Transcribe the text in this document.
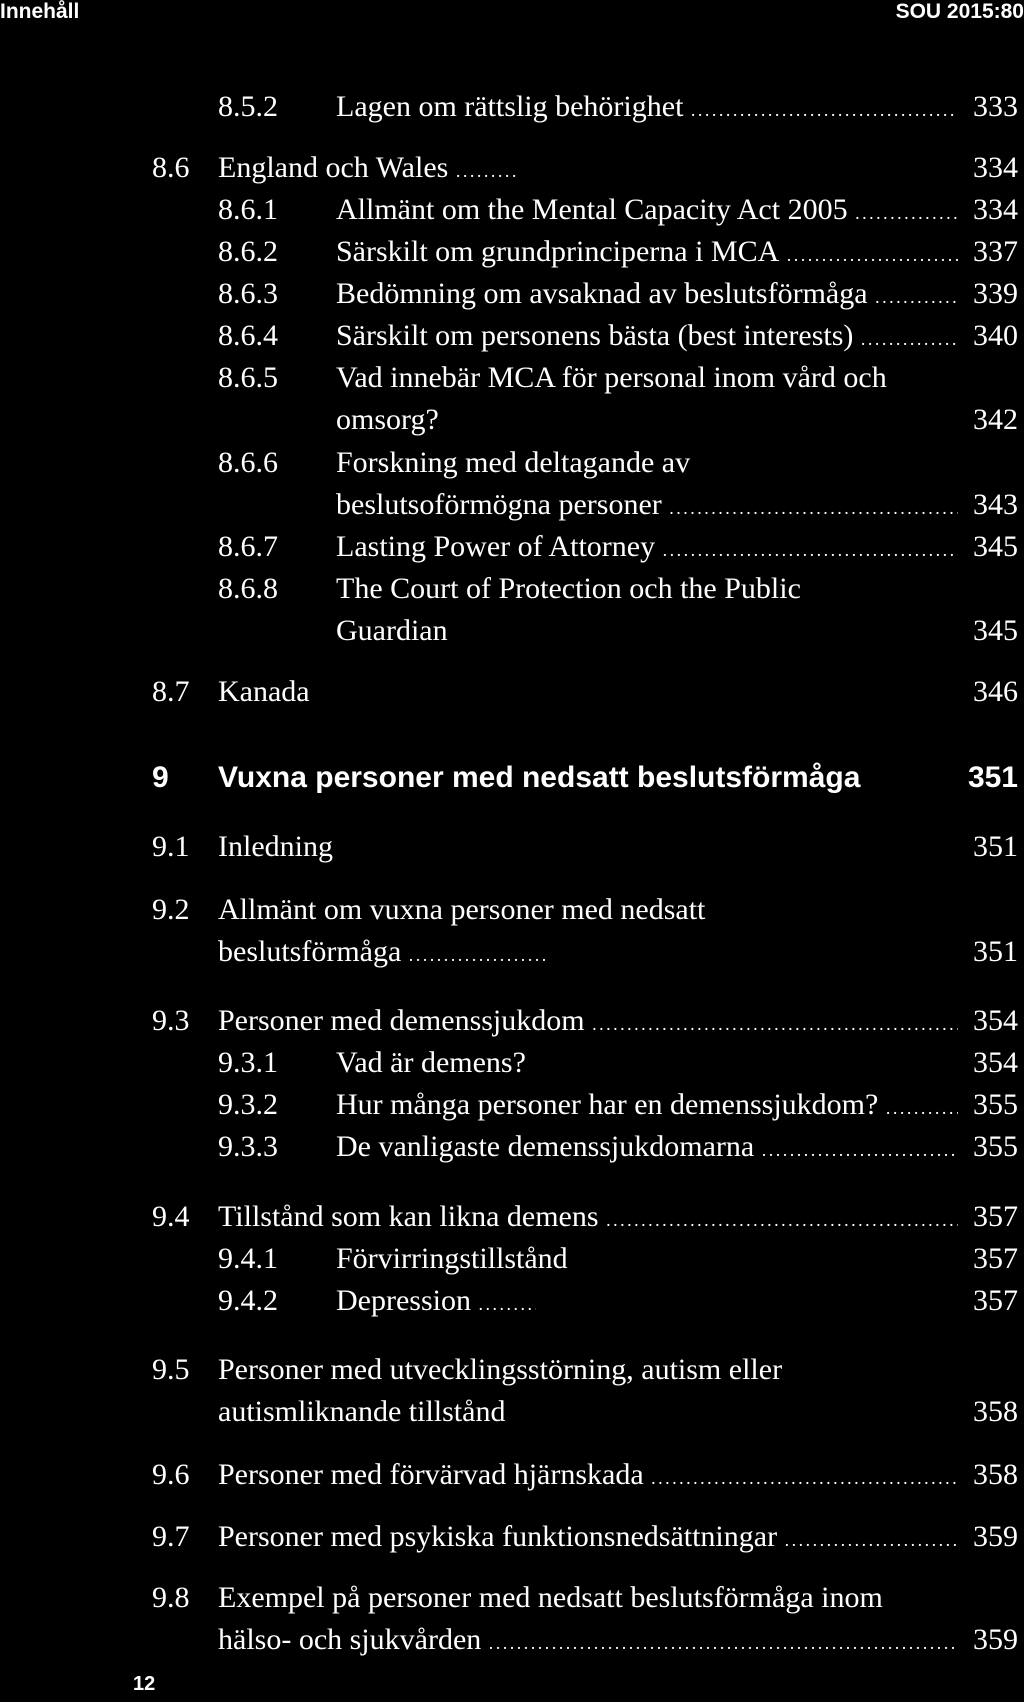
Innehåll	SOU 2015:80
8.5.2 Lagen om rättslig behörighet . . .	333
8.6 England och Wales . . .	334
8.6.1 Allmänt om the Mental Capacity Act 2005 . . .	334
8.6.2 Särskilt om grundprinciperna i MCA . . .	337
8.6.3 Bedömning om avsaknad av beslutsförmåga . . .	339
8.6.4 Särskilt om personens bästa (best interests) . . .	340
8.6.5 Vad innebär MCA för personal inom vård och
omsorg?	342
8.6.6 Forskning med deltagande av
beslutsoförmögna personer . . .	343
8.6.7 Lasting Power of Attorney . . .	345
8.6.8 The Court of Protection och the Public
Guardian	345
8.7 Kanada	346
9 Vuxna personer med nedsatt beslutsförmåga	351
9.1 Inledning	351
9.2 Allmänt om vuxna personer med nedsatt
beslutsförmåga . . .	351
9.3 Personer med demenssjukdom . . .	354
9.3.1 Vad är demens?	354
9.3.2 Hur många personer har en demenssjukdom? . . .	355
9.3.3 De vanligaste demenssjukdomarna . . .	355
9.4 Tillstånd som kan likna demens . . .	357
9.4.1 Förvirringstillstånd	357
9.4.2 Depression . . .	357
9.5 Personer med utvecklingsstörning, autism eller
autismliknande tillstånd	358
9.6 Personer med förvärvad hjärnskada . . .	358
9.7 Personer med psykiska funktionsnedsättningar . . .	359
9.8 Exempel på personer med nedsatt beslutsförmåga inom
hälso- och sjukvården . . .	359
12
